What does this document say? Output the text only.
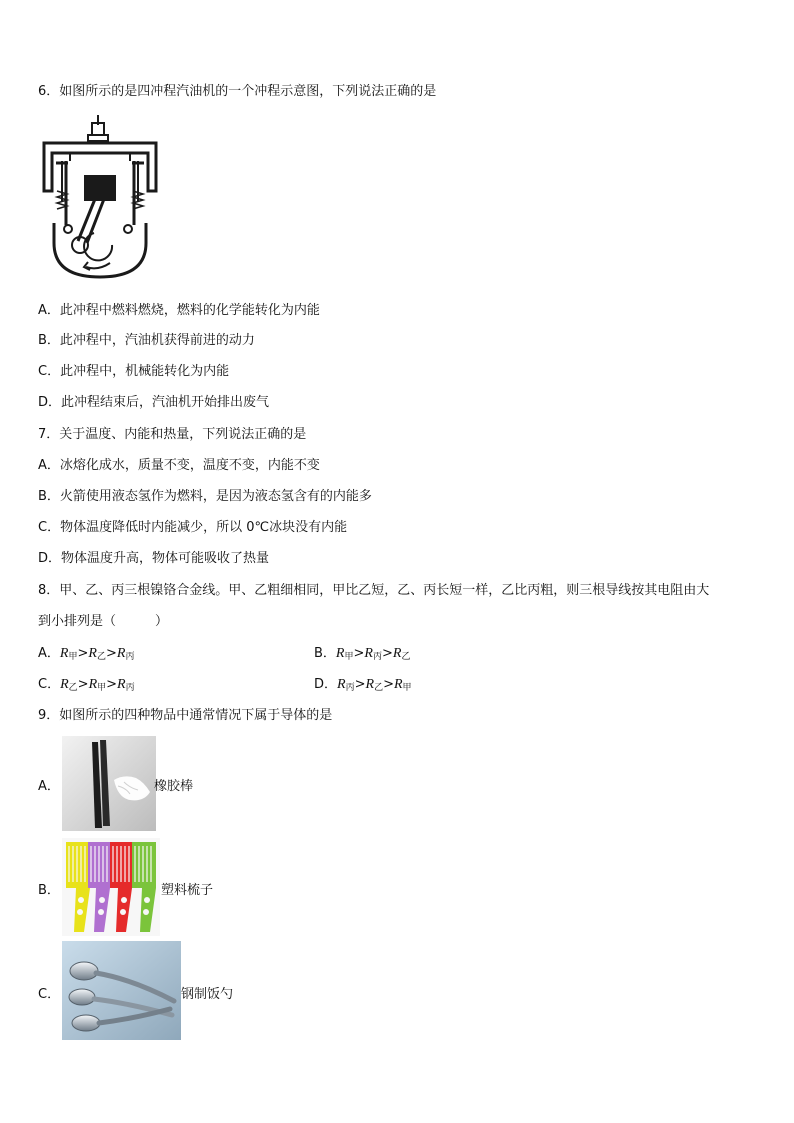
6．如图所示的是四冲程汽油机的一个冲程示意图，下列说法正确的是
A．此冲程中燃料燃烧，燃料的化学能转化为内能
B．此冲程中，汽油机获得前进的动力
C．此冲程中，机械能转化为内能
D．此冲程结束后，汽油机开始排出废气
7．关于温度、内能和热量，下列说法正确的是
A．冰熔化成水，质量不变，温度不变，内能不变
B．火箭使用液态氢作为燃料，是因为液态氢含有的内能多
C．物体温度降低时内能减少，所以 0℃冰块没有内能
D．物体温度升高，物体可能吸收了热量
8．甲、乙、丙三根镍铬合金线。甲、乙粗细相同，甲比乙短，乙、丙长短一样，乙比丙粗，则三根导线按其电阻由大
到小排列是（　　　）
A．$R_甲>R_乙>R_丙$	B．$R_甲>R_丙>R_乙$
C．$R_乙>R_甲>R_丙$	D．$R_丙>R_乙>R_甲$
9．如图所示的四种物品中通常情况下属于导体的是
A．	橡胶棒
B．	塑料梳子
C．	钢制饭勺
